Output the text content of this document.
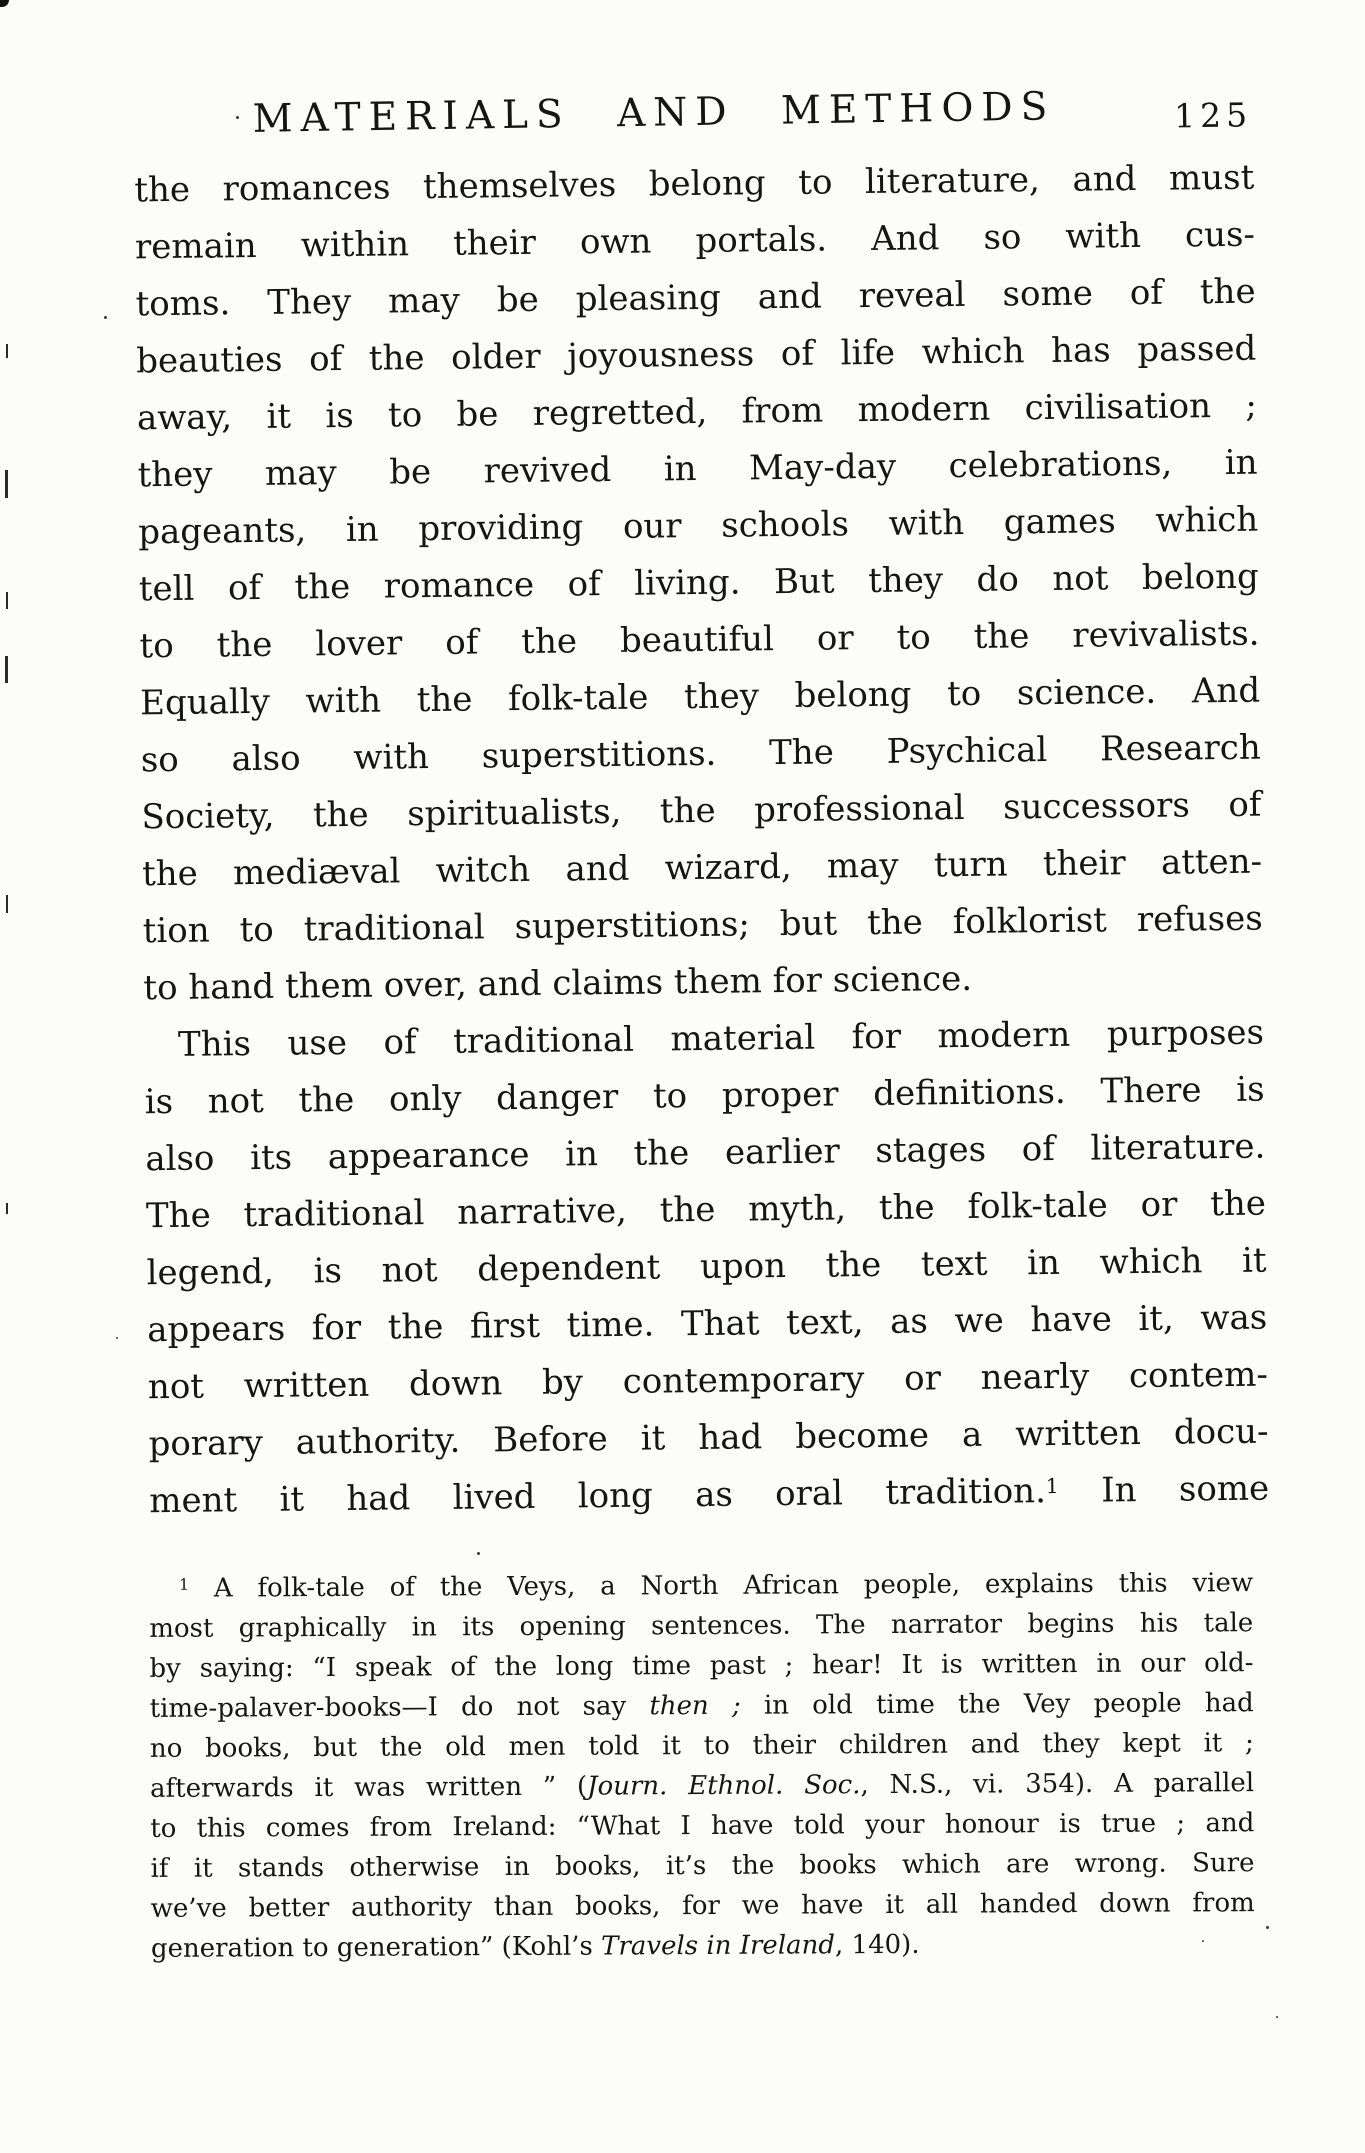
MATERIALS AND METHODS	125
the romances themselves belong to literature, and must
remain within their own portals. And so with cus-
toms. They may be pleasing and reveal some of the
beauties of the older joyousness of life which has passed
away, it is to be regretted, from modern civilisation ;
they may be revived in May-day celebrations, in
pageants, in providing our schools with games which
tell of the romance of living. But they do not belong
to the lover of the beautiful or to the revivalists.
Equally with the folk-tale they belong to science. And
so also with superstitions. The Psychical Research
Society, the spiritualists, the professional successors of
the mediæval witch and wizard, may turn their atten-
tion to traditional superstitions; but the folklorist refuses
to hand them over, and claims them for science.
This use of traditional material for modern purposes
is not the only danger to proper definitions. There is
also its appearance in the earlier stages of literature.
The traditional narrative, the myth, the folk-tale or the
legend, is not dependent upon the text in which it
appears for the first time. That text, as we have it, was
not written down by contemporary or nearly contem-
porary authority. Before it had become a written docu-
ment it had lived long as oral tradition.$^1$ In some
$^1$ A folk-tale of the Veys, a North African people, explains this view
most graphically in its opening sentences. The narrator begins his tale
by saying: “I speak of the long time past ; hear! It is written in our old-
time-palaver-books—I do not say then ; in old time the Vey people had
no books, but the old men told it to their children and they kept it ;
afterwards it was written ” (Journ. Ethnol. Soc., N.S., vi. 354). A parallel
to this comes from Ireland: “What I have told your honour is true ; and
if it stands otherwise in books, it’s the books which are wrong. Sure
we’ve better authority than books, for we have it all handed down from
generation to generation” (Kohl’s Travels in Ireland, 140).
